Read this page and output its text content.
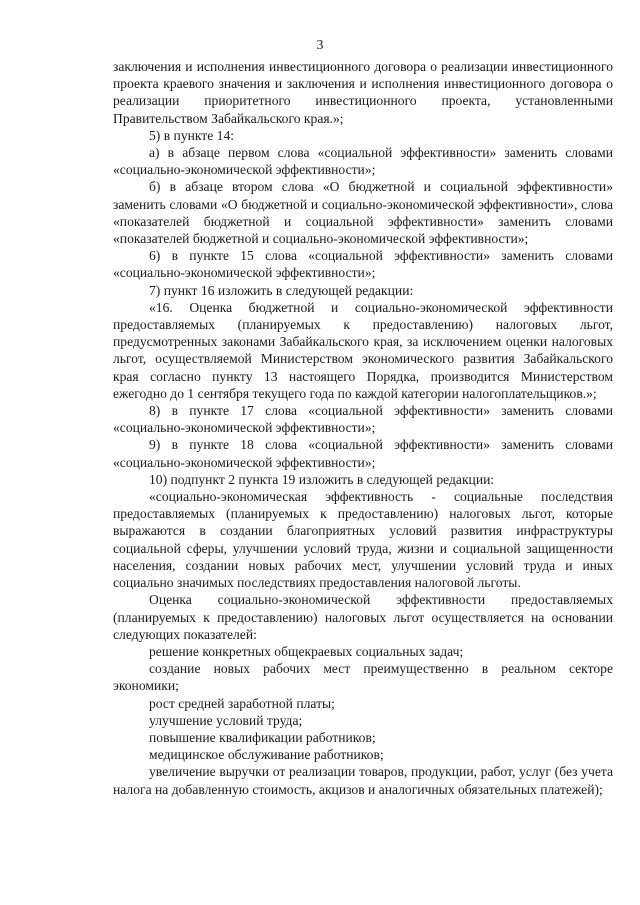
3

заключения и исполнения инвестиционного договора о реализации инвестиционного проекта краевого значения и заключения и исполнения инвестиционного договора о реализации приоритетного инвестиционного проекта, установленными Правительством Забайкальского края.»;

5) в пункте 14:

а) в абзаце первом слова «социальной эффективности» заменить словами «социально-экономической эффективности»;

б) в абзаце втором слова «О бюджетной и социальной эффективности» заменить словами «О бюджетной и социально-экономической эффективности», слова «показателей бюджетной и социальной эффективности» заменить словами «показателей бюджетной и социально-экономической эффективности»;

6) в пункте 15 слова «социальной эффективности» заменить словами «социально-экономической эффективности»;

7) пункт 16 изложить в следующей редакции:

«16. Оценка бюджетной и социально-экономической эффективности предоставляемых (планируемых к предоставлению) налоговых льгот, предусмотренных законами Забайкальского края, за исключением оценки налоговых льгот, осуществляемой Министерством экономического развития Забайкальского края согласно пункту 13 настоящего Порядка, производится Министерством ежегодно до 1 сентября текущего года по каждой категории налогоплательщиков.»;

8) в пункте 17 слова «социальной эффективности» заменить словами «социально-экономической эффективности»;

9) в пункте 18 слова «социальной эффективности» заменить словами «социально-экономической эффективности»;

10) подпункт 2 пункта 19 изложить в следующей редакции:

«социально-экономическая эффективность - социальные последствия предоставляемых (планируемых к предоставлению) налоговых льгот, которые выражаются в создании благоприятных условий развития инфраструктуры социальной сферы, улучшении условий труда, жизни и социальной защищенности населения, создании новых рабочих мест, улучшении условий труда и иных социально значимых последствиях предоставления налоговой льготы.

Оценка социально-экономической эффективности предоставляемых (планируемых к предоставлению) налоговых льгот осуществляется на основании следующих показателей:

решение конкретных общекраевых социальных задач;

создание новых рабочих мест преимущественно в реальном секторе экономики;

рост средней заработной платы;

улучшение условий труда;

повышение квалификации работников;

медицинское обслуживание работников;

увеличение выручки от реализации товаров, продукции, работ, услуг (без учета налога на добавленную стоимость, акцизов и аналогичных обязательных платежей);
